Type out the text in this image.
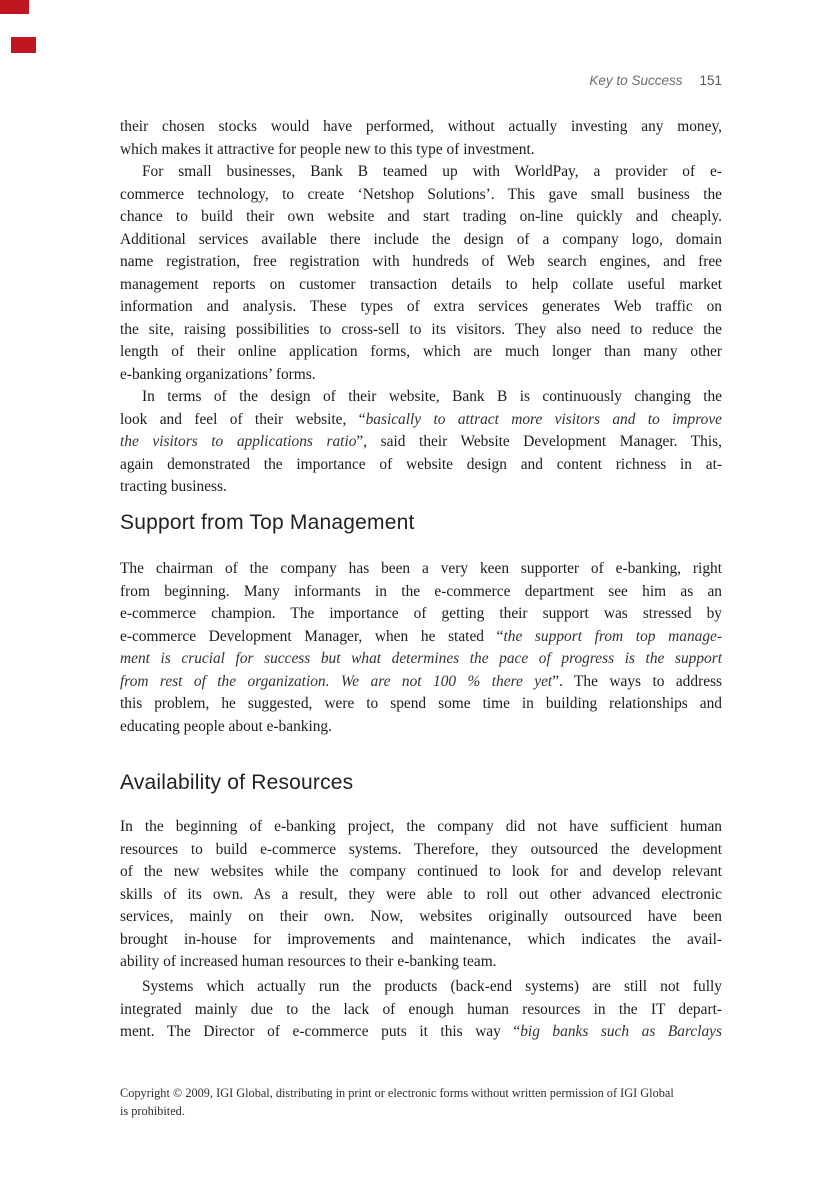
Key to Success 151
their chosen stocks would have performed, without actually investing any money,
which makes it attractive for people new to this type of investment.
For small businesses, Bank B teamed up with WorldPay, a provider of e-
commerce technology, to create ‘Netshop Solutions’. This gave small business the
chance to build their own website and start trading on-line quickly and cheaply.
Additional services available there include the design of a company logo, domain
name registration, free registration with hundreds of Web search engines, and free
management reports on customer transaction details to help collate useful market
information and analysis. These types of extra services generates Web traffic on
the site, raising possibilities to cross-sell to its visitors. They also need to reduce the
length of their online application forms, which are much longer than many other
e-banking organizations’ forms.
In terms of the design of their website, Bank B is continuously changing the
look and feel of their website, “basically to attract more visitors and to improve
the visitors to applications ratio”, said their Website Development Manager. This,
again demonstrated the importance of website design and content richness in at-
tracting business.
Support from Top Management
The chairman of the company has been a very keen supporter of e-banking, right
from beginning. Many informants in the e-commerce department see him as an
e-commerce champion. The importance of getting their support was stressed by
e-commerce Development Manager, when he stated “the support from top manage-
ment is crucial for success but what determines the pace of progress is the support
from rest of the organization. We are not 100 % there yet”. The ways to address
this problem, he suggested, were to spend some time in building relationships and
educating people about e-banking.
Availability of Resources
In the beginning of e-banking project, the company did not have sufficient human
resources to build e-commerce systems. Therefore, they outsourced the development
of the new websites while the company continued to look for and develop relevant
skills of its own. As a result, they were able to roll out other advanced electronic
services, mainly on their own. Now, websites originally outsourced have been
brought in-house for improvements and maintenance, which indicates the avail-
ability of increased human resources to their e-banking team.
Systems which actually run the products (back-end systems) are still not fully
integrated mainly due to the lack of enough human resources in the IT depart-
ment. The Director of e-commerce puts it this way “big banks such as Barclays
Copyright © 2009, IGI Global, distributing in print or electronic forms without written permission of IGI Global
is prohibited.
